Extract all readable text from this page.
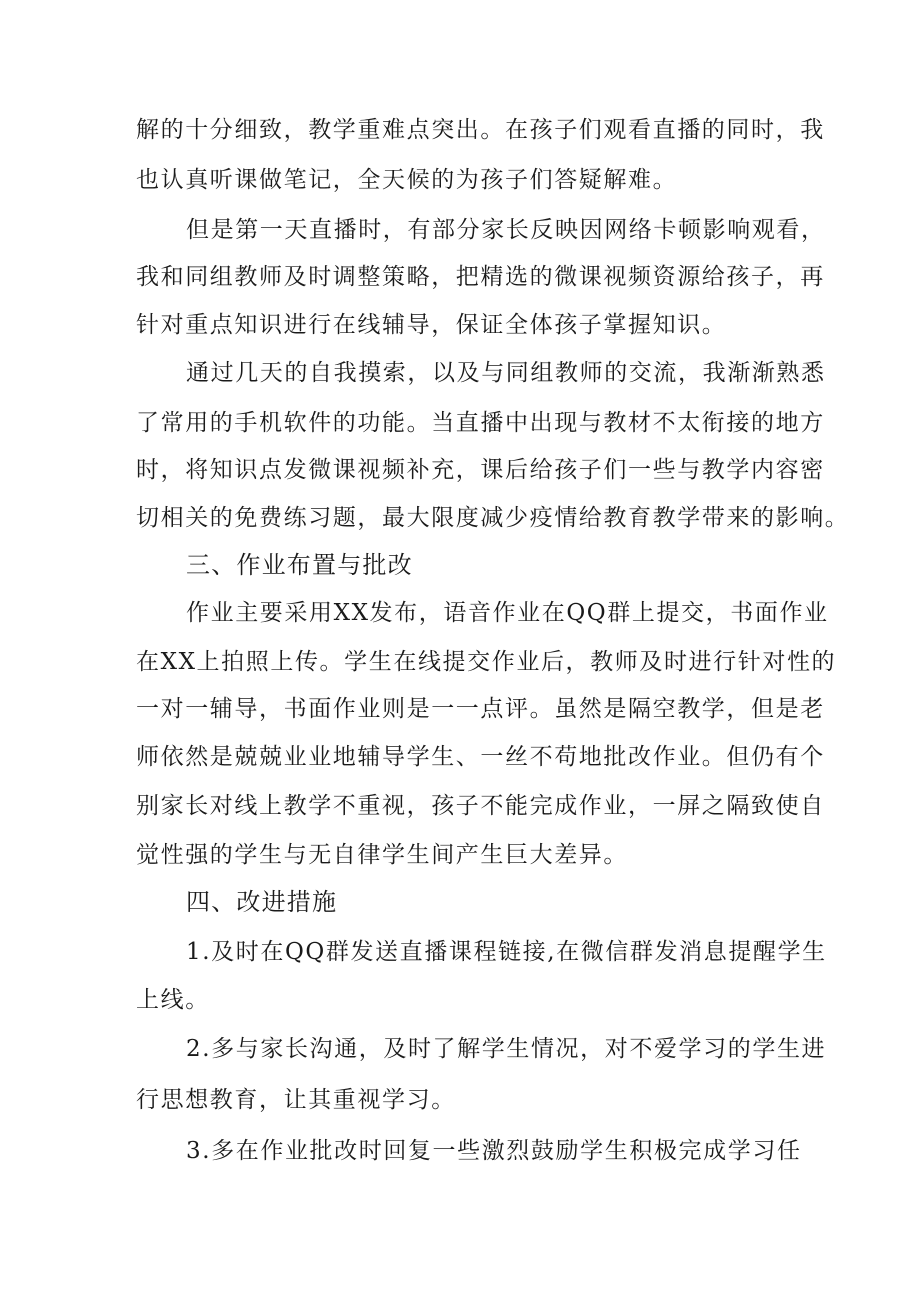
解的十分细致，教学重难点突出。在孩子们观看直播的同时，我
也认真听课做笔记，全天候的为孩子们答疑解难。
但是第一天直播时，有部分家长反映因网络卡顿影响观看，
我和同组教师及时调整策略，把精选的微课视频资源给孩子，再
针对重点知识进行在线辅导，保证全体孩子掌握知识。
通过几天的自我摸索，以及与同组教师的交流，我渐渐熟悉
了常用的手机软件的功能。当直播中出现与教材不太衔接的地方
时，将知识点发微课视频补充，课后给孩子们一些与教学内容密
切相关的免费练习题，最大限度减少疫情给教育教学带来的影响。
三、作业布置与批改
作业主要采用XX发布，语音作业在QQ群上提交，书面作业
在XX上拍照上传。学生在线提交作业后，教师及时进行针对性的
一对一辅导，书面作业则是一一点评。虽然是隔空教学，但是老
师依然是兢兢业业地辅导学生、一丝不苟地批改作业。但仍有个
别家长对线上教学不重视，孩子不能完成作业，一屏之隔致使自
觉性强的学生与无自律学生间产生巨大差异。
四、改进措施
1.及时在QQ群发送直播课程链接,在微信群发消息提醒学生
上线。
2.多与家长沟通，及时了解学生情况，对不爱学习的学生进
行思想教育，让其重视学习。
3.多在作业批改时回复一些激烈鼓励学生积极完成学习任
